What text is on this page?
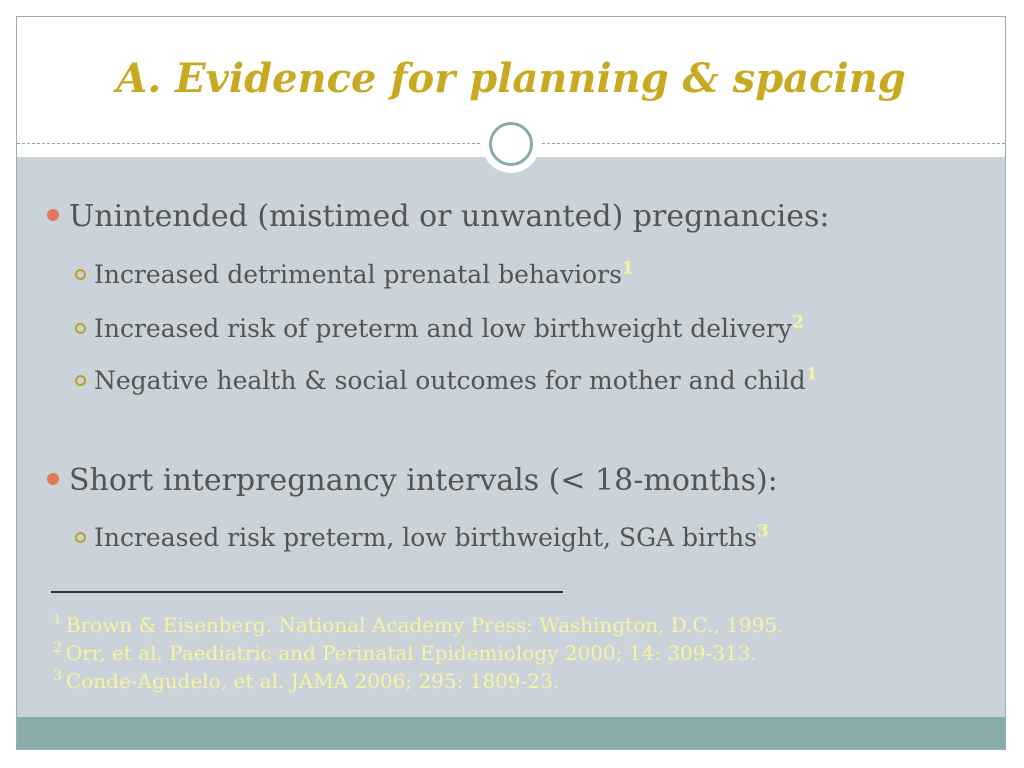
A. Evidence for planning & spacing
Unintended (mistimed or unwanted) pregnancies:
Increased detrimental prenatal behaviors$^1$
Increased risk of preterm and low birthweight delivery$^2$
Negative health & social outcomes for mother and child$^1$
Short interpregnancy intervals (< 18-months):
Increased risk preterm, low birthweight, SGA births$^3$
$^1$ Brown & Eisenberg. National Academy Press: Washington, D.C., 1995.
$^2$ Orr, et al. Paediatric and Perinatal Epidemiology 2000; 14: 309-313.
$^3$ Conde-Agudelo, et al. JAMA 2006; 295: 1809-23.
